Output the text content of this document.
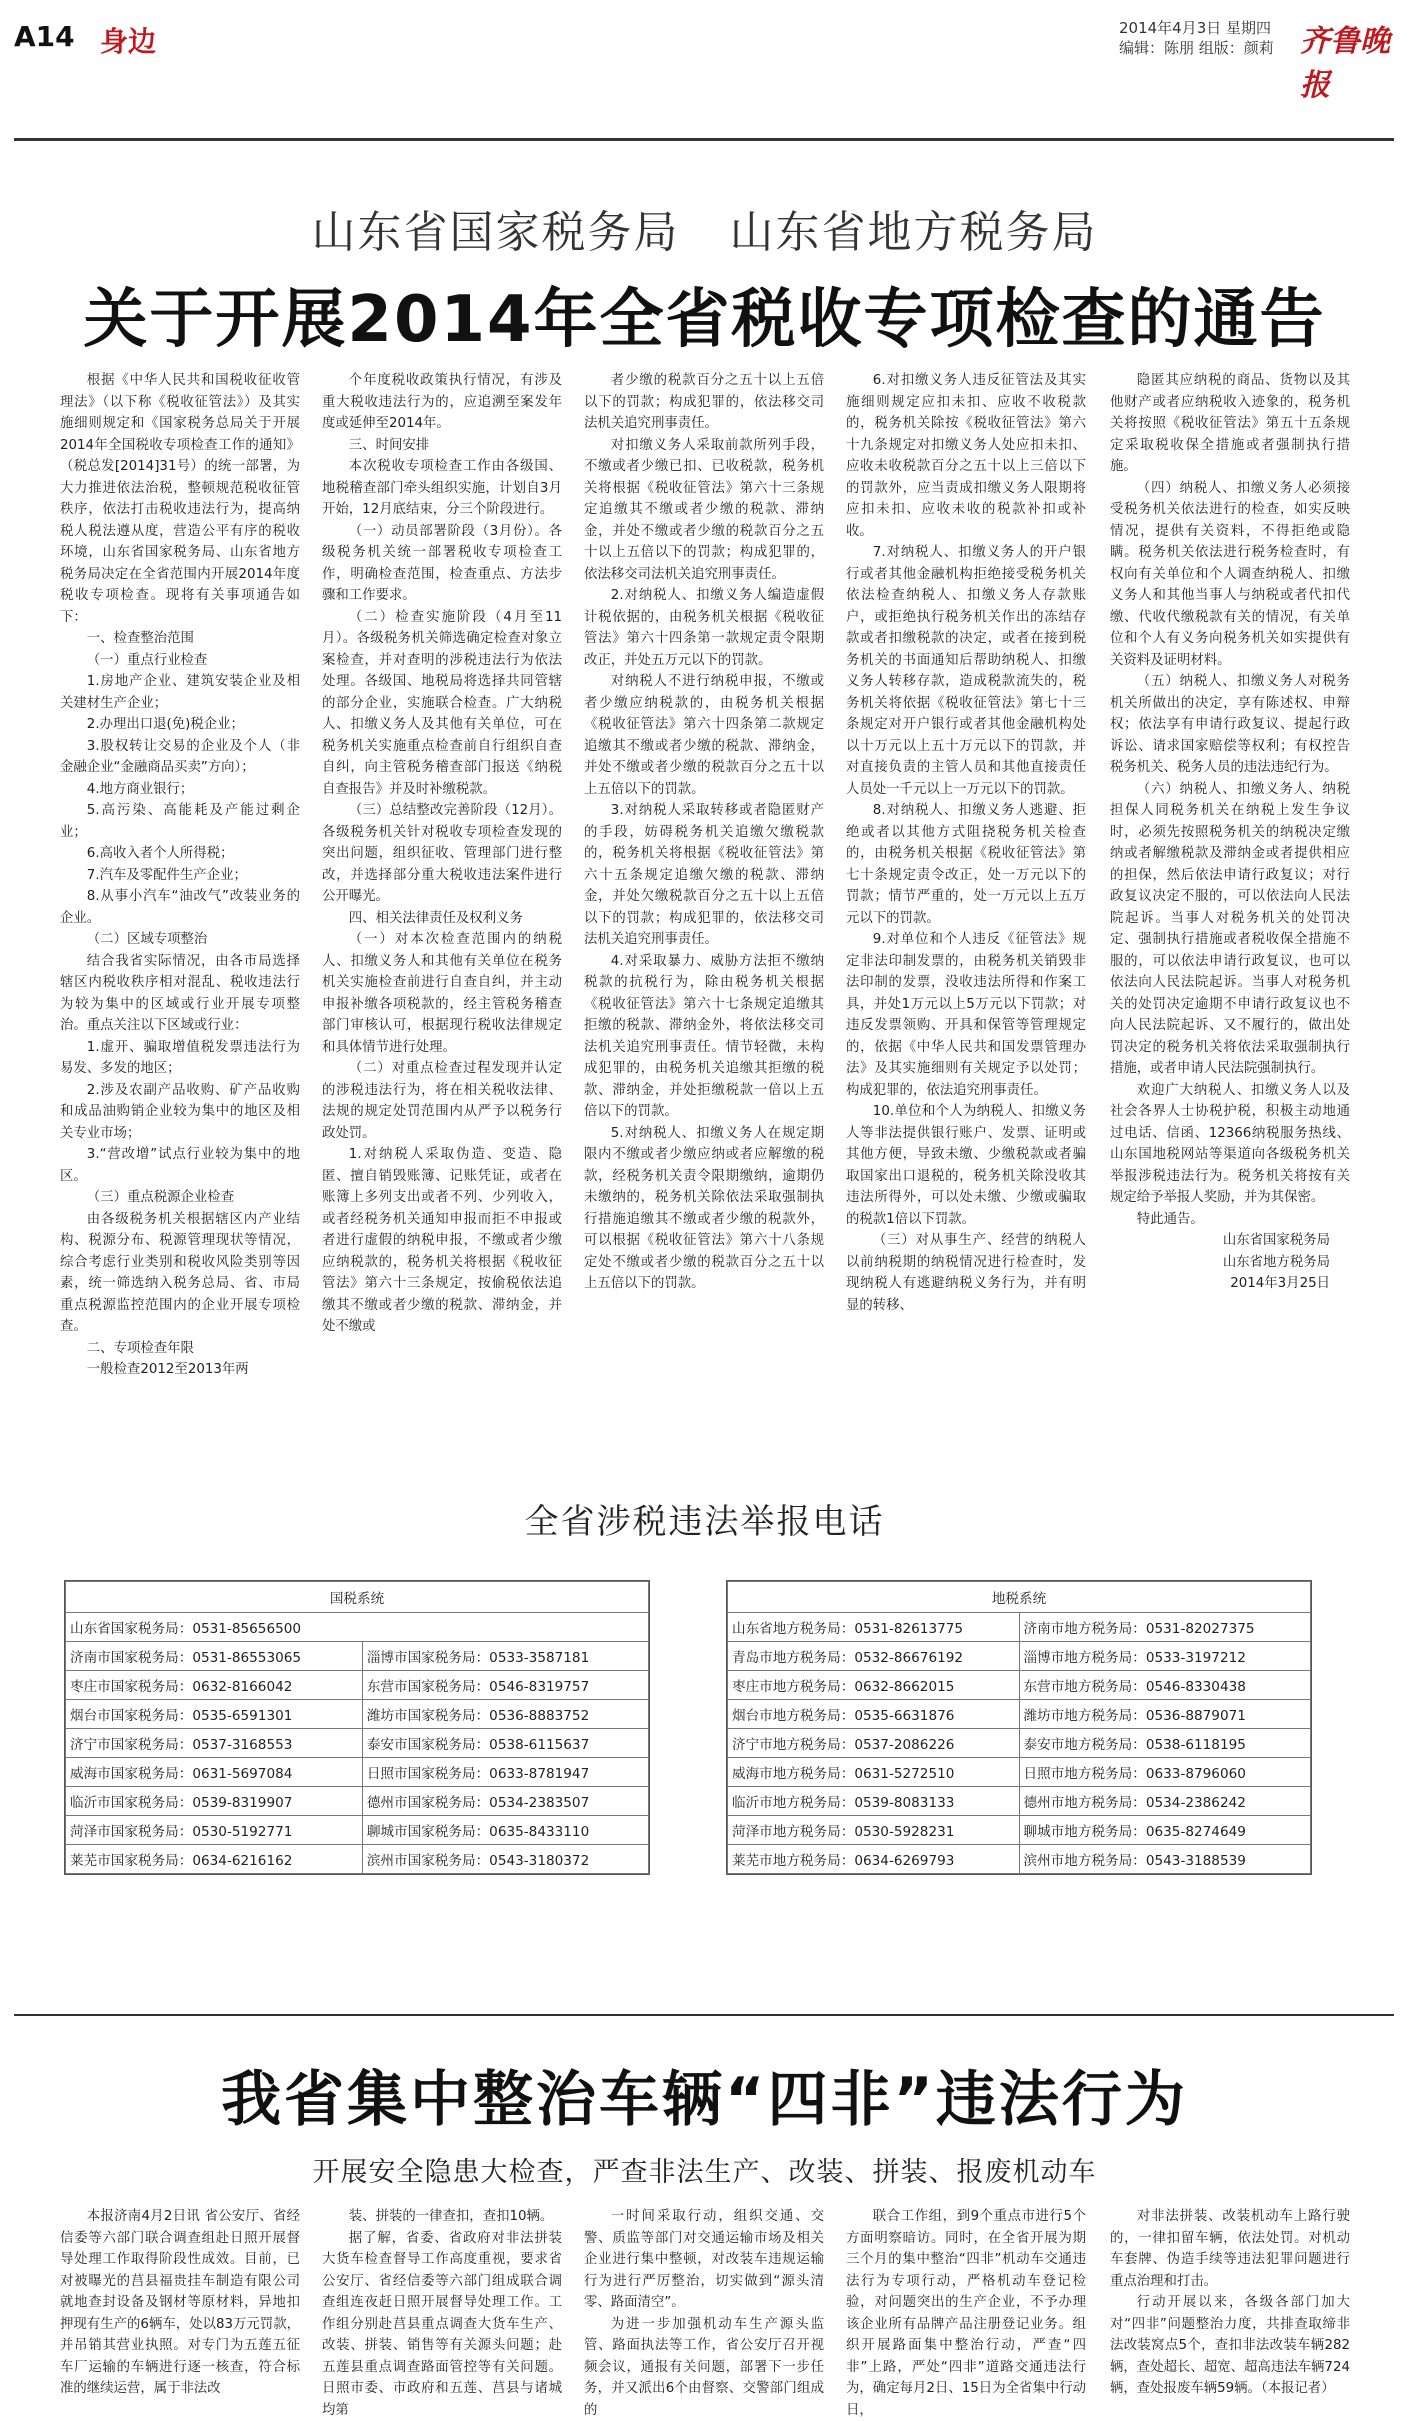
A14 身边	2014年4月3日 星期四
编辑：陈朋 组版：颜莉 齐鲁晚报
山东省国家税务局 山东省地方税务局
关于开展2014年全省税收专项检查的通告

根据《中华人民共和国税收征收管理法》（以下称《税收征管法》）及其实施细则规定和《国家税务总局关于开展2014年全国税收专项检查工作的通知》（税总发[2014]31号）的统一部署，为大力推进依法治税，整顿规范税收征管秩序，依法打击税收违法行为，提高纳税人税法遵从度，营造公平有序的税收环境，山东省国家税务局、山东省地方税务局决定在全省范围内开展2014年度税收专项检查。现将有关事项通告如下：

一、检查整治范围

（一）重点行业检查

1.房地产企业、建筑安装企业及相关建材生产企业；

2.办理出口退(免)税企业；

3.股权转让交易的企业及个人（非金融企业“金融商品买卖”方向）；

4.地方商业银行；

5.高污染、高能耗及产能过剩企业；

6.高收入者个人所得税；

7.汽车及零配件生产企业；

8.从事小汽车“油改气”改装业务的企业。

（二）区域专项整治

结合我省实际情况，由各市局选择辖区内税收秩序相对混乱、税收违法行为较为集中的区域或行业开展专项整治。重点关注以下区域或行业：

1.虚开、骗取增值税发票违法行为易发、多发的地区；

2.涉及农副产品收购、矿产品收购和成品油购销企业较为集中的地区及相关专业市场；

3.“营改增”试点行业较为集中的地区。

（三）重点税源企业检查

由各级税务机关根据辖区内产业结构、税源分布、税源管理现状等情况，综合考虑行业类别和税收风险类别等因素，统一筛选纳入税务总局、省、市局重点税源监控范围内的企业开展专项检查。

二、专项检查年限

一般检查2012至2013年两

个年度税收政策执行情况，有涉及重大税收违法行为的，应追溯至案发年度或延伸至2014年。

三、时间安排

本次税收专项检查工作由各级国、地税稽查部门牵头组织实施，计划自3月开始，12月底结束，分三个阶段进行。

（一）动员部署阶段（3月份）。各级税务机关统一部署税收专项检查工作，明确检查范围，检查重点、方法步骤和工作要求。

（二）检查实施阶段（4月至11月）。各级税务机关筛选确定检查对象立案检查，并对查明的涉税违法行为依法处理。各级国、地税局将选择共同管辖的部分企业，实施联合检查。广大纳税人、扣缴义务人及其他有关单位，可在税务机关实施重点检查前自行组织自查自纠，向主管税务稽查部门报送《纳税自查报告》并及时补缴税款。

（三）总结整改完善阶段（12月）。各级税务机关针对税收专项检查发现的突出问题，组织征收、管理部门进行整改，并选择部分重大税收违法案件进行公开曝光。

四、相关法律责任及权利义务

（一）对本次检查范围内的纳税人、扣缴义务人和其他有关单位在税务机关实施检查前进行自查自纠，并主动申报补缴各项税款的，经主管税务稽查部门审核认可，根据现行税收法律规定和具体情节进行处理。

（二）对重点检查过程发现并认定的涉税违法行为，将在相关税收法律、法规的规定处罚范围内从严予以税务行政处罚。

1.对纳税人采取伪造、变造、隐匿、擅自销毁账簿、记账凭证，或者在账簿上多列支出或者不列、少列收入，或者经税务机关通知申报而拒不申报或者进行虚假的纳税申报，不缴或者少缴应纳税款的，税务机关将根据《税收征管法》第六十三条规定，按偷税依法追缴其不缴或者少缴的税款、滞纳金，并处不缴或

者少缴的税款百分之五十以上五倍以下的罚款；构成犯罪的，依法移交司法机关追究刑事责任。

对扣缴义务人采取前款所列手段，不缴或者少缴已扣、已收税款，税务机关将根据《税收征管法》第六十三条规定追缴其不缴或者少缴的税款、滞纳金，并处不缴或者少缴的税款百分之五十以上五倍以下的罚款；构成犯罪的，依法移交司法机关追究刑事责任。

2.对纳税人、扣缴义务人编造虚假计税依据的，由税务机关根据《税收征管法》第六十四条第一款规定责令限期改正，并处五万元以下的罚款。

对纳税人不进行纳税申报，不缴或者少缴应纳税款的，由税务机关根据《税收征管法》第六十四条第二款规定追缴其不缴或者少缴的税款、滞纳金，并处不缴或者少缴的税款百分之五十以上五倍以下的罚款。

3.对纳税人采取转移或者隐匿财产的手段，妨碍税务机关追缴欠缴税款的，税务机关将根据《税收征管法》第六十五条规定追缴欠缴的税款、滞纳金，并处欠缴税款百分之五十以上五倍以下的罚款；构成犯罪的，依法移交司法机关追究刑事责任。

4.对采取暴力、威胁方法拒不缴纳税款的抗税行为，除由税务机关根据《税收征管法》第六十七条规定追缴其拒缴的税款、滞纳金外，将依法移交司法机关追究刑事责任。情节轻微，未构成犯罪的，由税务机关追缴其拒缴的税款、滞纳金，并处拒缴税款一倍以上五倍以下的罚款。

5.对纳税人、扣缴义务人在规定期限内不缴或者少缴应纳或者应解缴的税款，经税务机关责令限期缴纳，逾期仍未缴纳的，税务机关除依法采取强制执行措施追缴其不缴或者少缴的税款外，可以根据《税收征管法》第六十八条规定处不缴或者少缴的税款百分之五十以上五倍以下的罚款。

6.对扣缴义务人违反征管法及其实施细则规定应扣未扣、应收不收税款的，税务机关除按《税收征管法》第六十九条规定对扣缴义务人处应扣未扣、应收未收税款百分之五十以上三倍以下的罚款外，应当责成扣缴义务人限期将应扣未扣、应收未收的税款补扣或补收。

7.对纳税人、扣缴义务人的开户银行或者其他金融机构拒绝接受税务机关依法检查纳税人、扣缴义务人存款账户，或拒绝执行税务机关作出的冻结存款或者扣缴税款的决定，或者在接到税务机关的书面通知后帮助纳税人、扣缴义务人转移存款，造成税款流失的，税务机关将依据《税收征管法》第七十三条规定对开户银行或者其他金融机构处以十万元以上五十万元以下的罚款，并对直接负责的主管人员和其他直接责任人员处一千元以上一万元以下的罚款。

8.对纳税人、扣缴义务人逃避、拒绝或者以其他方式阻挠税务机关检查的，由税务机关根据《税收征管法》第七十条规定责令改正，处一万元以下的罚款；情节严重的，处一万元以上五万元以下的罚款。

9.对单位和个人违反《征管法》规定非法印制发票的，由税务机关销毁非法印制的发票，没收违法所得和作案工具，并处1万元以上5万元以下罚款；对违反发票领购、开具和保管等管理规定的，依据《中华人民共和国发票管理办法》及其实施细则有关规定予以处罚；构成犯罪的，依法追究刑事责任。

10.单位和个人为纳税人、扣缴义务人等非法提供银行账户、发票、证明或其他方便，导致未缴、少缴税款或者骗取国家出口退税的，税务机关除没收其违法所得外，可以处未缴、少缴或骗取的税款1倍以下罚款。

（三）对从事生产、经营的纳税人以前纳税期的纳税情况进行检查时，发现纳税人有逃避纳税义务行为，并有明显的转移、

隐匿其应纳税的商品、货物以及其他财产或者应纳税收入迹象的，税务机关将按照《税收征管法》第五十五条规定采取税收保全措施或者强制执行措施。

（四）纳税人、扣缴义务人必须接受税务机关依法进行的检查，如实反映情况，提供有关资料，不得拒绝或隐瞒。税务机关依法进行税务检查时，有权向有关单位和个人调查纳税人、扣缴义务人和其他当事人与纳税或者代扣代缴、代收代缴税款有关的情况，有关单位和个人有义务向税务机关如实提供有关资料及证明材料。

（五）纳税人、扣缴义务人对税务机关所做出的决定，享有陈述权、申辩权；依法享有申请行政复议、提起行政诉讼、请求国家赔偿等权利；有权控告税务机关、税务人员的违法违纪行为。

（六）纳税人、扣缴义务人、纳税担保人同税务机关在纳税上发生争议时，必须先按照税务机关的纳税决定缴纳或者解缴税款及滞纳金或者提供相应的担保，然后依法申请行政复议；对行政复议决定不服的，可以依法向人民法院起诉。当事人对税务机关的处罚决定、强制执行措施或者税收保全措施不服的，可以依法申请行政复议，也可以依法向人民法院起诉。当事人对税务机关的处罚决定逾期不申请行政复议也不向人民法院起诉、又不履行的，做出处罚决定的税务机关将依法采取强制执行措施，或者申请人民法院强制执行。

欢迎广大纳税人、扣缴义务人以及社会各界人士协税护税，积极主动地通过电话、信函、12366纳税服务热线、山东国地税网站等渠道向各级税务机关举报涉税违法行为。税务机关将按有关规定给予举报人奖励，并为其保密。

特此通告。

山东省国家税务局

山东省地方税务局

2014年3月25日

全省涉税违法举报电话
国税系统	
山东省国家税务局：0531-85656500	
济南市国家税务局：0531-86553065	淄博市国家税务局：0533-3587181
枣庄市国家税务局：0632-8166042	东营市国家税务局：0546-8319757
烟台市国家税务局：0535-6591301	潍坊市国家税务局：0536-8883752
济宁市国家税务局：0537-3168553	泰安市国家税务局：0538-6115637
威海市国家税务局：0631-5697084	日照市国家税务局：0633-8781947
临沂市国家税务局：0539-8319907	德州市国家税务局：0534-2383507
菏泽市国家税务局：0530-5192771	聊城市国家税务局：0635-8433110
莱芜市国家税务局：0634-6216162	滨州市国家税务局：0543-3180372
地税系统	
山东省地方税务局：0531-82613775	济南市地方税务局：0531-82027375
青岛市地方税务局：0532-86676192	淄博市地方税务局：0533-3197212
枣庄市地方税务局：0632-8662015	东营市地方税务局：0546-8330438
烟台市地方税务局：0535-6631876	潍坊市地方税务局：0536-8879071
济宁市地方税务局：0537-2086226	泰安市地方税务局：0538-6118195
威海市地方税务局：0631-5272510	日照市地方税务局：0633-8796060
临沂市地方税务局：0539-8083133	德州市地方税务局：0534-2386242
菏泽市地方税务局：0530-5928231	聊城市地方税务局：0635-8274649
莱芜市地方税务局：0634-6269793	滨州市地方税务局：0543-3188539
我省集中整治车辆“四非”违法行为
开展安全隐患大检查，严查非法生产、改装、拼装、报废机动车

本报济南4月2日讯 省公安厅、省经信委等六部门联合调查组赴日照开展督导处理工作取得阶段性成效。目前，已对被曝光的莒县福贵挂车制造有限公司就地查封设备及钢材等原材料，异地扣押现有生产的6辆车，处以83万元罚款，并吊销其营业执照。对专门为五莲五征车厂运输的车辆进行逐一核查，符合标准的继续运营，属于非法改

装、拼装的一律查扣，查扣10辆。

据了解，省委、省政府对非法拼装大货车检查督导工作高度重视，要求省公安厅、省经信委等六部门组成联合调查组连夜赶日照开展督导处理工作。工作组分别赴莒县重点调查大货车生产、改装、拼装、销售等有关源头问题；赴五莲县重点调查路面管控等有关问题。日照市委、市政府和五莲、莒县与诸城均第

一时间采取行动，组织交通、交警、质监等部门对交通运输市场及相关企业进行集中整顿，对改装车违规运输行为进行严厉整治，切实做到“源头清零、路面清空”。

为进一步加强机动车生产源头监管、路面执法等工作，省公安厅召开视频会议，通报有关问题，部署下一步任务，并又派出6个由督察、交警部门组成的

联合工作组，到9个重点市进行5个方面明察暗访。同时，在全省开展为期三个月的集中整治“四非”机动车交通违法行为专项行动，严格机动车登记检验，对问题突出的生产企业，不予办理该企业所有品牌产品注册登记业务。组织开展路面集中整治行动，严查“四非”上路，严处“四非”道路交通违法行为，确定每月2日、15日为全省集中行动日，

对非法拼装、改装机动车上路行驶的，一律扣留车辆，依法处罚。对机动车套牌、伪造手续等违法犯罪问题进行重点治理和打击。

行动开展以来，各级各部门加大对“四非”问题整治力度，共排查取缔非法改装窝点5个，查扣非法改装车辆282辆，查处超长、超宽、超高违法车辆724辆，查处报废车辆59辆。（本报记者）
